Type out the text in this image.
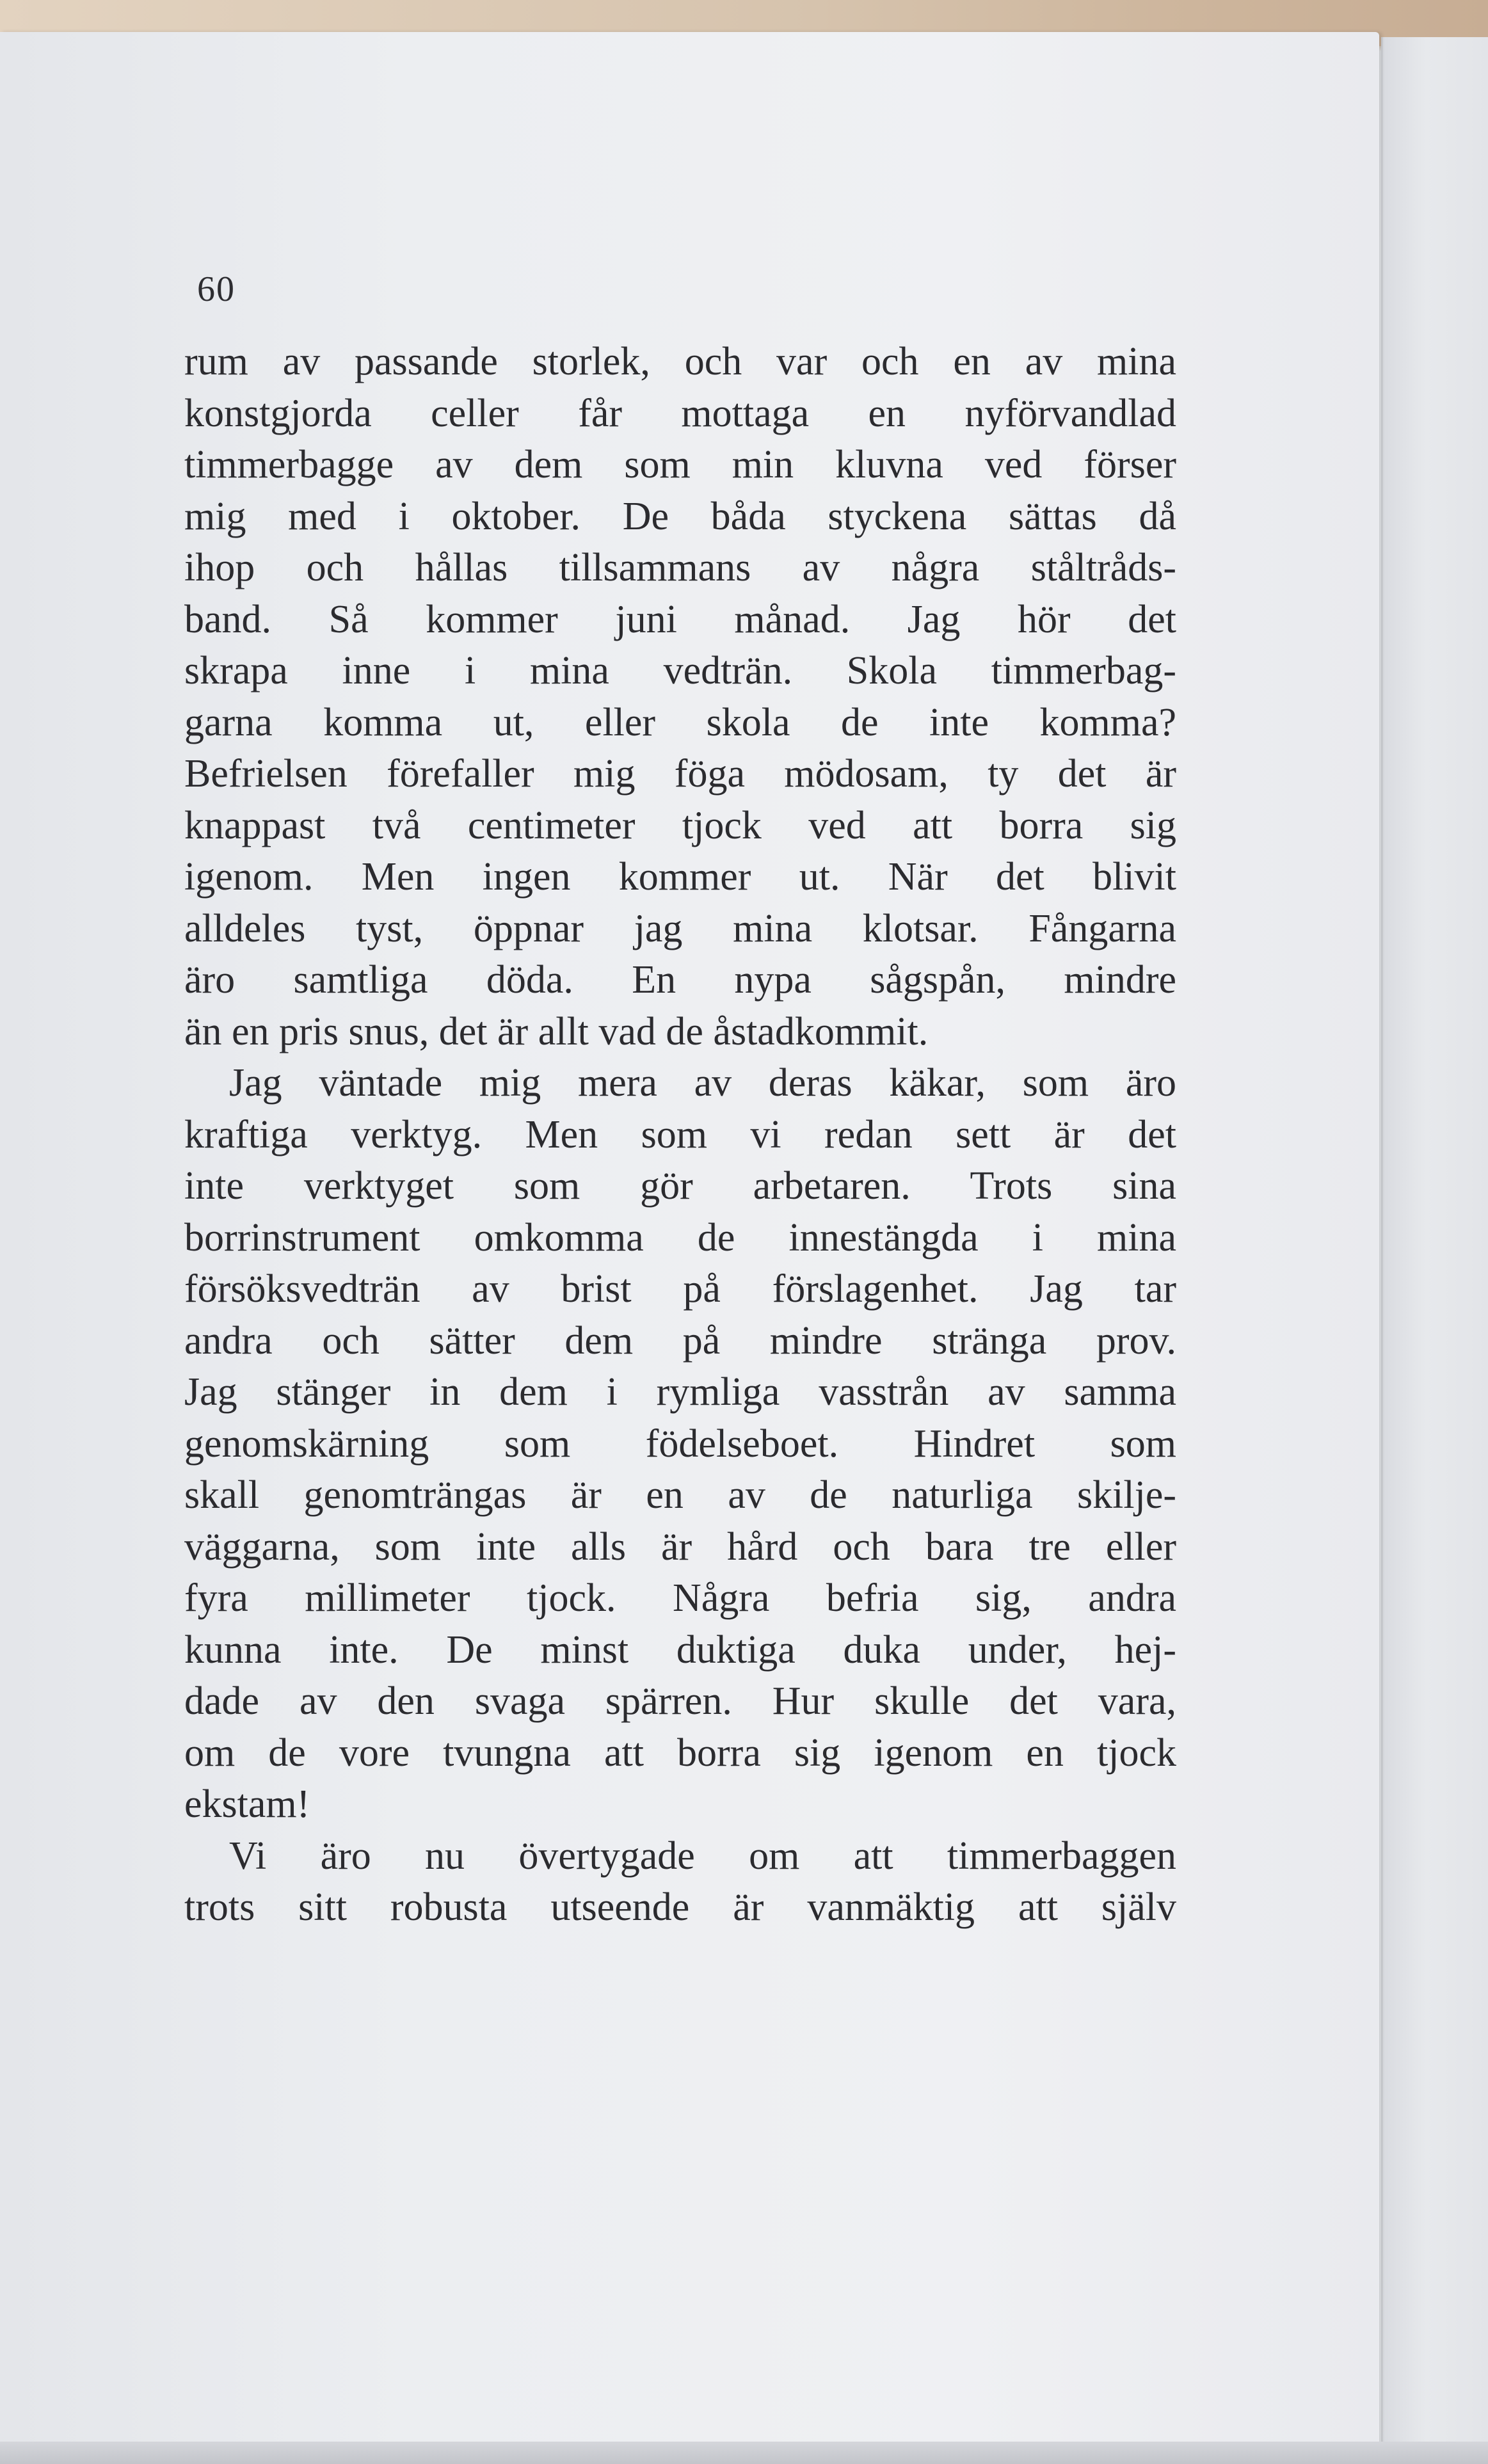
60
rum av passande storlek, och var och en av mina
konstgjorda celler får mottaga en nyförvandlad
timmerbagge av dem som min kluvna ved förser
mig med i oktober. De båda styckena sättas då
ihop och hållas tillsammans av några ståltråds-
band. Så kommer juni månad. Jag hör det
skrapa inne i mina vedträn. Skola timmerbag-
garna komma ut, eller skola de inte komma?
Befrielsen förefaller mig föga mödosam, ty det är
knappast två centimeter tjock ved att borra sig
igenom. Men ingen kommer ut. När det blivit
alldeles tyst, öppnar jag mina klotsar. Fångarna
äro samtliga döda. En nypa sågspån, mindre
än en pris snus, det är allt vad de åstadkommit.
Jag väntade mig mera av deras käkar, som äro
kraftiga verktyg. Men som vi redan sett är det
inte verktyget som gör arbetaren. Trots sina
borrinstrument omkomma de innestängda i mina
försöksvedträn av brist på förslagenhet. Jag tar
andra och sätter dem på mindre stränga prov.
Jag stänger in dem i rymliga vasstrån av samma
genomskärning som födelseboet. Hindret som
skall genomträngas är en av de naturliga skilje-
väggarna, som inte alls är hård och bara tre eller
fyra millimeter tjock. Några befria sig, andra
kunna inte. De minst duktiga duka under, hej-
dade av den svaga spärren. Hur skulle det vara,
om de vore tvungna att borra sig igenom en tjock
ekstam!
Vi äro nu övertygade om att timmerbaggen
trots sitt robusta utseende är vanmäktig att själv
